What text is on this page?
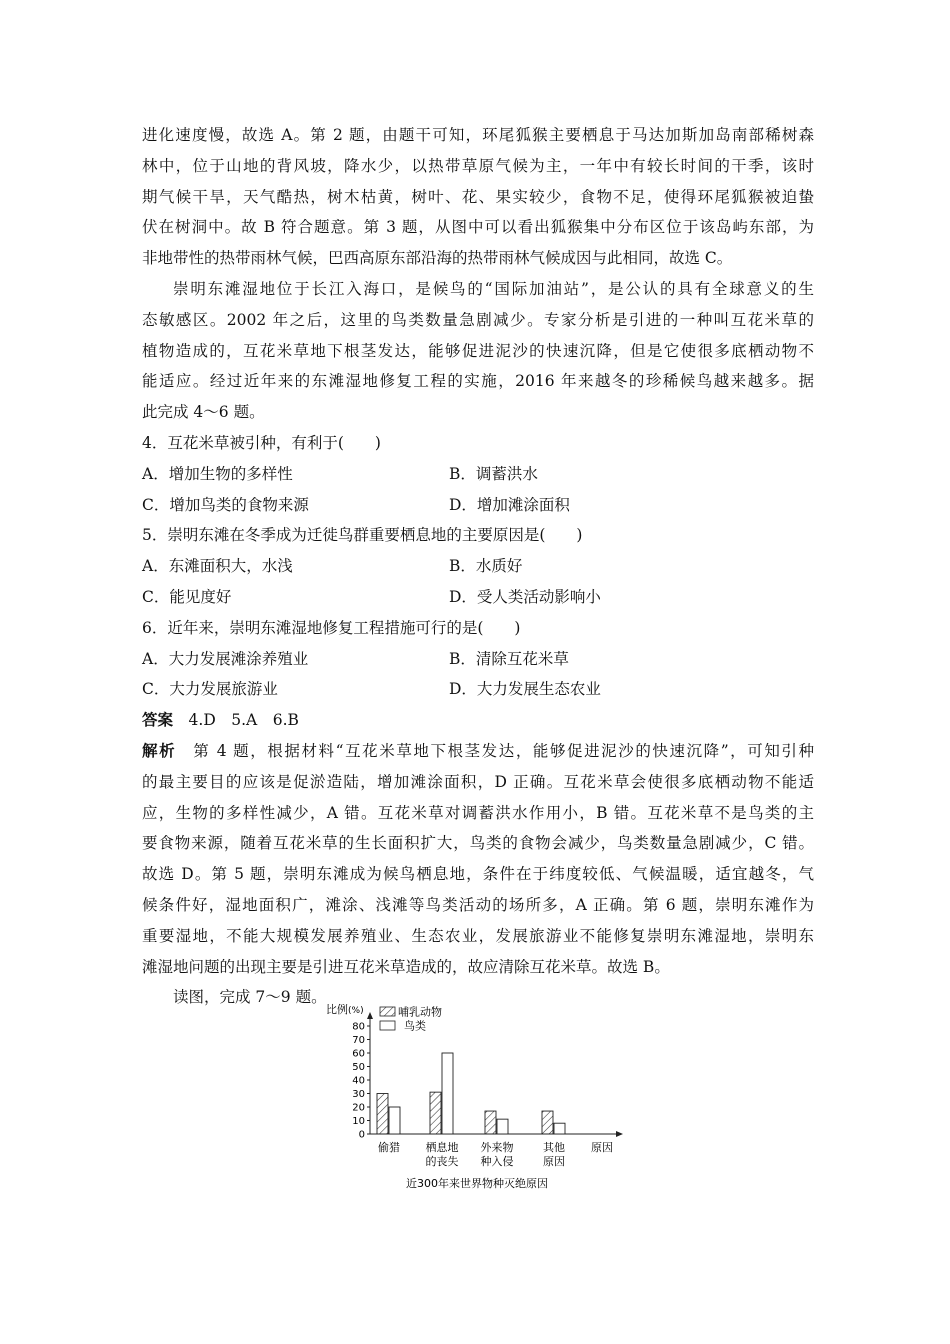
进化速度慢，故选 A。第 2 题，由题干可知，环尾狐猴主要栖息于马达加斯加岛南部稀树森
林中，位于山地的背风坡，降水少，以热带草原气候为主，一年中有较长时间的干季，该时
期气候干旱，天气酷热，树木枯黄，树叶、花、果实较少，食物不足，使得环尾狐猴被迫蛰
伏在树洞中。故 B 符合题意。第 3 题，从图中可以看出狐猴集中分布区位于该岛屿东部，为
非地带性的热带雨林气候，巴西高原东部沿海的热带雨林气候成因与此相同，故选 C。
崇明东滩湿地位于长江入海口，是候鸟的“国际加油站”，是公认的具有全球意义的生
态敏感区。2002 年之后，这里的鸟类数量急剧减少。专家分析是引进的一种叫互花米草的
植物造成的，互花米草地下根茎发达，能够促进泥沙的快速沉降，但是它使很多底栖动物不
能适应。经过近年来的东滩湿地修复工程的实施，2016 年来越冬的珍稀候鸟越来越多。据
此完成 4～6 题。
4．互花米草被引种，有利于(　　)
A．增加生物的多样性	B．调蓄洪水
C．增加鸟类的食物来源	D．增加滩涂面积
5．崇明东滩在冬季成为迁徙鸟群重要栖息地的主要原因是(　　)
A．东滩面积大，水浅	B．水质好
C．能见度好	D．受人类活动影响小
6．近年来，崇明东滩湿地修复工程措施可行的是(　　)
A．大力发展滩涂养殖业	B．清除互花米草
C．大力发展旅游业	D．大力发展生态农业
答案　 4.D　5.A　6.B
解析　 第 4 题，根据材料“互花米草地下根茎发达，能够促进泥沙的快速沉降”，可知引种
的最主要目的应该是促淤造陆，增加滩涂面积，D 正确。互花米草会使很多底栖动物不能适
应，生物的多样性减少，A 错。互花米草对调蓄洪水作用小，B 错。互花米草不是鸟类的主
要食物来源，随着互花米草的生长面积扩大，鸟类的食物会减少，鸟类数量急剧减少，C 错。
故选 D。第 5 题，崇明东滩成为候鸟栖息地，条件在于纬度较低、气候温暖，适宜越冬，气
候条件好，湿地面积广，滩涂、浅滩等鸟类活动的场所多，A 正确。第 6 题，崇明东滩作为
重要湿地，不能大规模发展养殖业、生态农业，发展旅游业不能修复崇明东滩湿地，崇明东
滩湿地问题的出现主要是引进互花米草造成的，故应清除互花米草。故选 B。
读图，完成 7～9 题。
比例 (%)
80
70
60
50
40
30
20
10
0
哺乳动物
鸟类
偷猎 栖息地
的丧失
外来物
种入侵
其他
原因
原因
近300年来世界物种灭绝原因
